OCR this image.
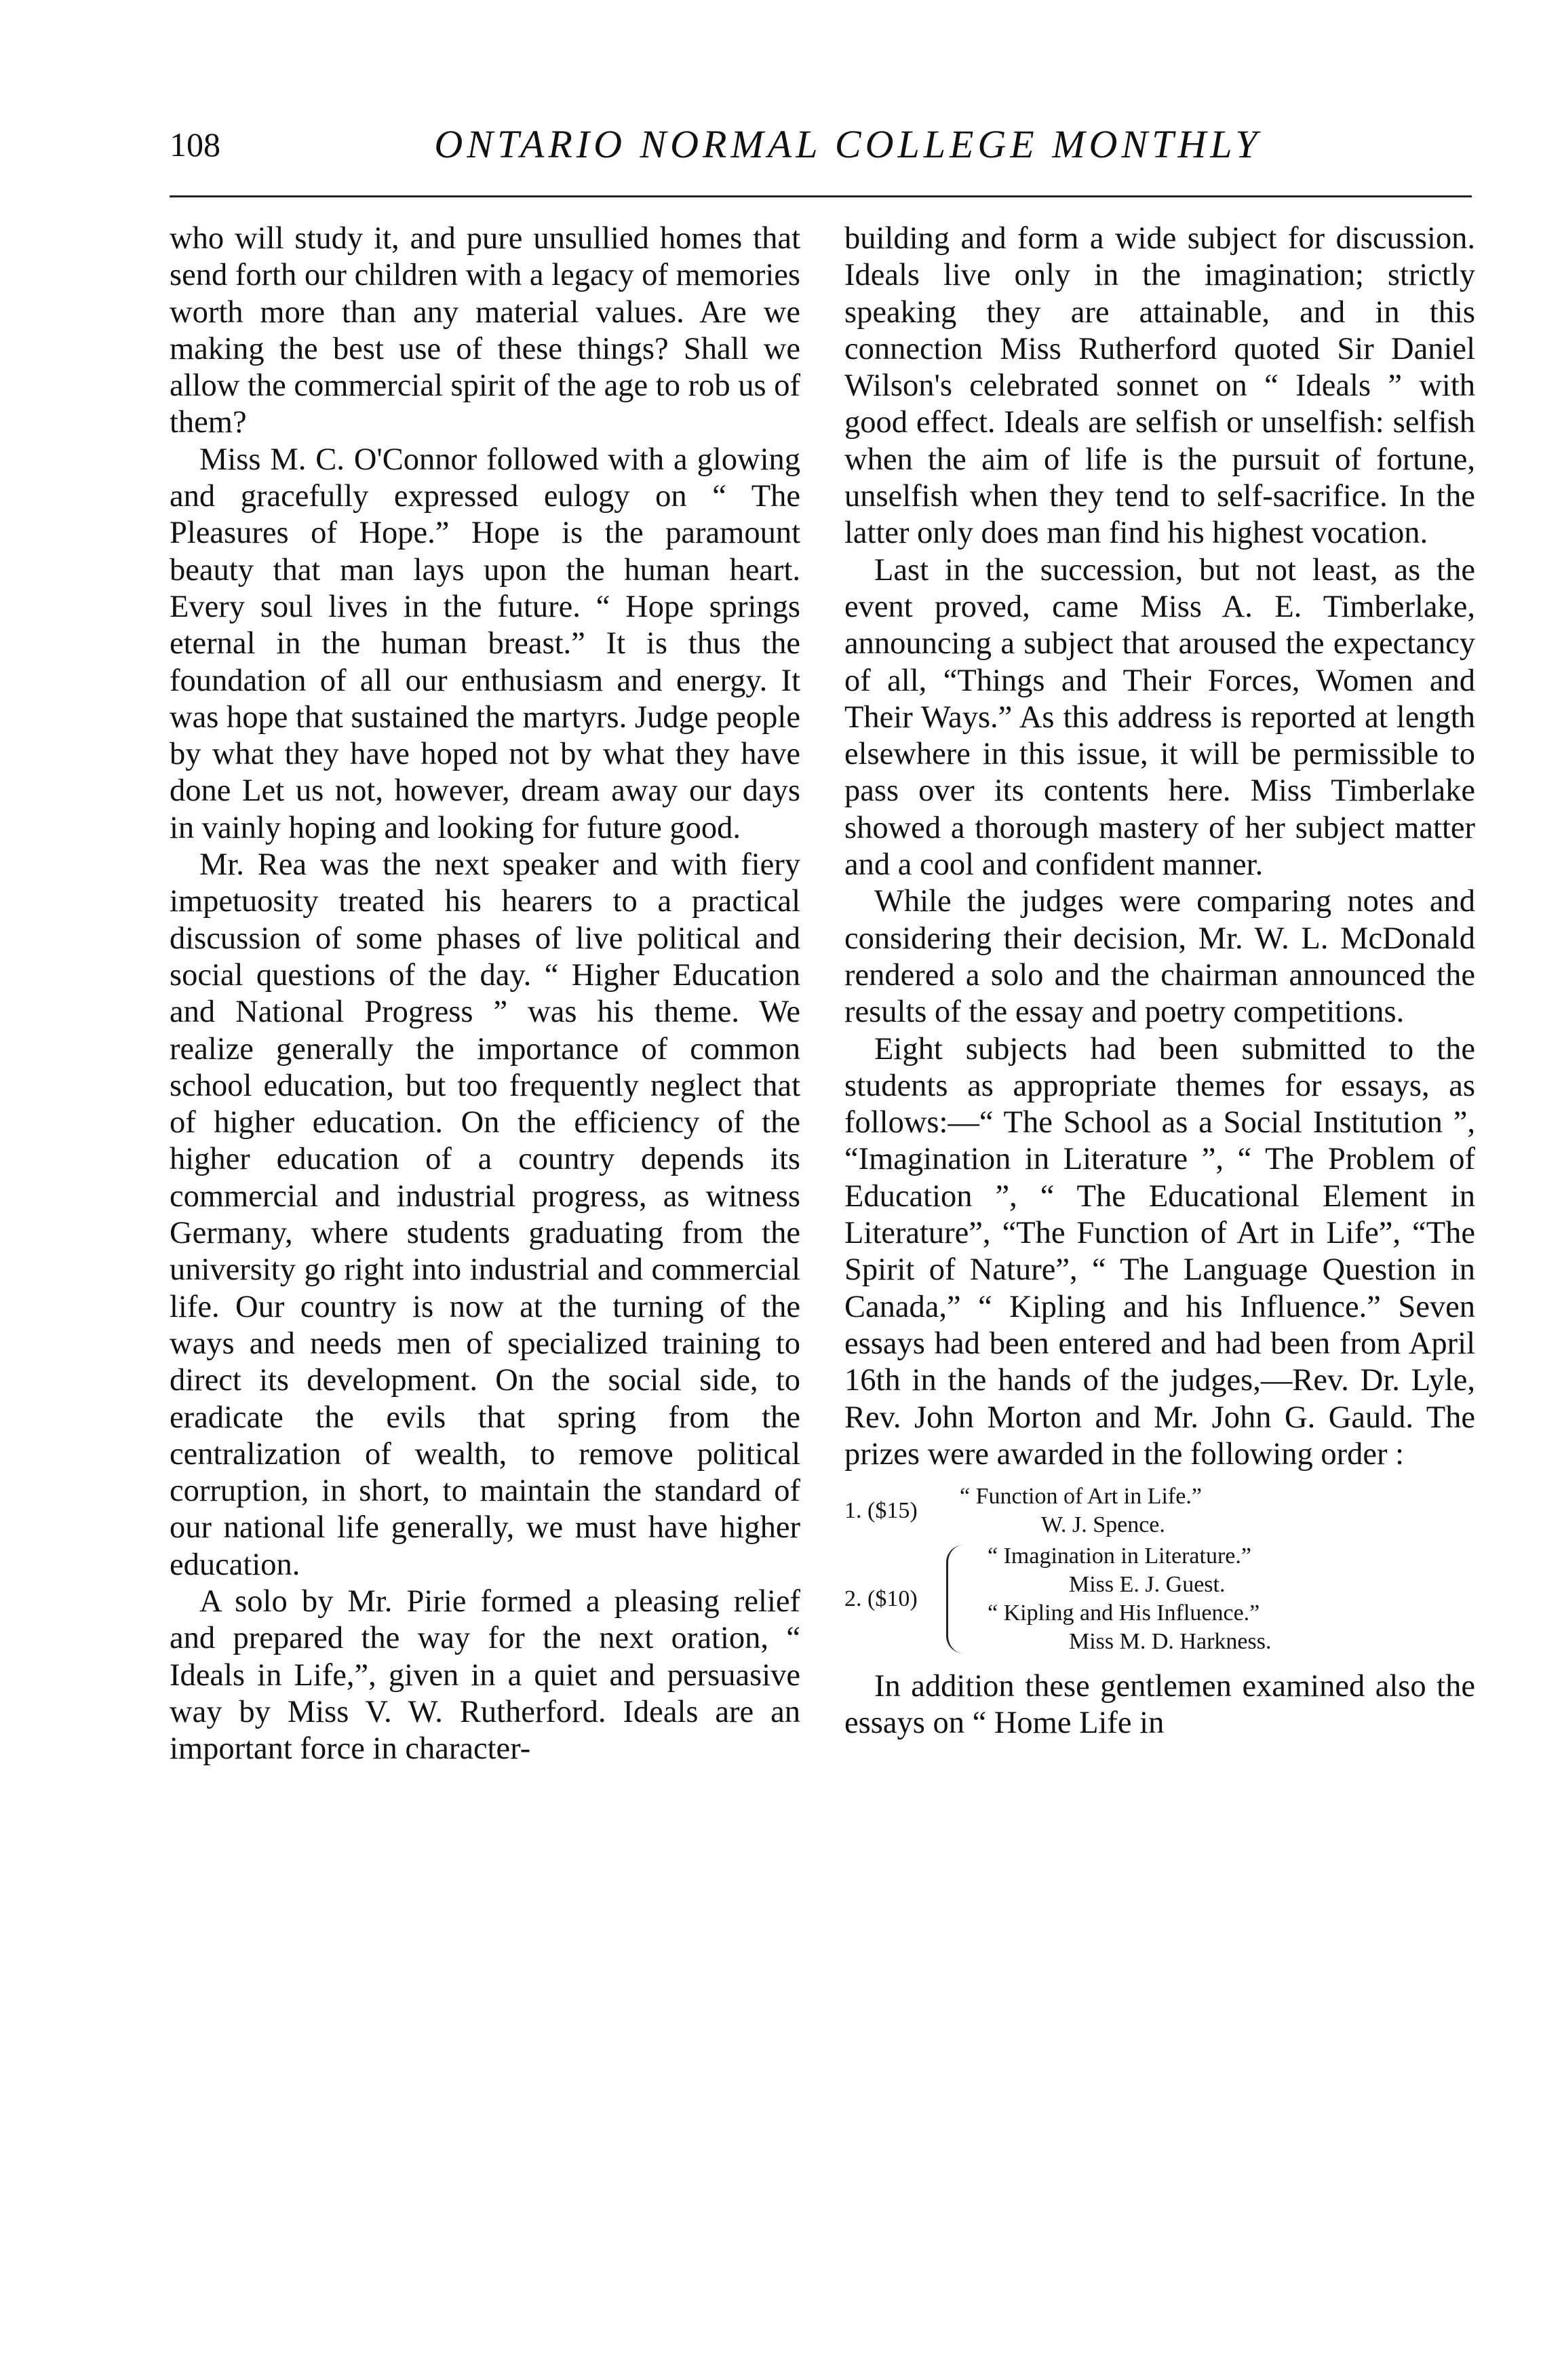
108	ONTARIO NORMAL COLLEGE MONTHLY

who will study it, and pure unsullied homes that send forth our children with a legacy of memories worth more than any material values. Are we making the best use of these things? Shall we allow the commercial spirit of the age to rob us of them?

Miss M. C. O'Connor followed with a glowing and gracefully expressed eulogy on “ The Pleasures of Hope.” Hope is the paramount beauty that man lays upon the human heart. Every soul lives in the future. “ Hope springs eternal in the human breast.” It is thus the foundation of all our enthusiasm and energy. It was hope that sustained the martyrs. Judge people by what they have hoped not by what they have done Let us not, however, dream away our days in vainly hoping and looking for future good.

Mr. Rea was the next speaker and with fiery impetuosity treated his hearers to a practical discussion of some phases of live political and social questions of the day. “ Higher Education and National Progress ” was his theme. We realize generally the importance of common school education, but too frequently neglect that of higher education. On the efficiency of the higher education of a country depends its commercial and industrial progress, as witness Germany, where students graduating from the university go right into industrial and commercial life. Our country is now at the turning of the ways and needs men of specialized training to direct its development. On the social side, to eradicate the evils that spring from the centralization of wealth, to remove political corruption, in short, to maintain the standard of our national life generally, we must have higher education.

A solo by Mr. Pirie formed a pleasing relief and prepared the way for the next oration, “ Ideals in Life,”, given in a quiet and persuasive way by Miss V. W. Rutherford. Ideals are an important force in character-

building and form a wide subject for discussion. Ideals live only in the imagination; strictly speaking they are attainable, and in this connection Miss Rutherford quoted Sir Daniel Wilson's celebrated sonnet on “ Ideals ” with good effect. Ideals are selfish or unselfish: selfish when the aim of life is the pursuit of fortune, unselfish when they tend to self-sacrifice. In the latter only does man find his highest vocation.

Last in the succession, but not least, as the event proved, came Miss A. E. Timberlake, announcing a subject that aroused the expectancy of all, “Things and Their Forces, Women and Their Ways.” As this address is reported at length elsewhere in this issue, it will be permissible to pass over its contents here. Miss Timberlake showed a thorough mastery of her subject matter and a cool and confident manner.

While the judges were comparing notes and considering their decision, Mr. W. L. McDonald rendered a solo and the chairman announced the results of the essay and poetry competitions.

Eight subjects had been submitted to the students as appropriate themes for essays, as follows:—“ The School as a Social Institution ”, “Imagination in Literature ”, “ The Problem of Education ”, “ The Educational Element in Literature”, “The Function of Art in Life”, “The Spirit of Nature”, “ The Language Question in Canada,” “ Kipling and his Influence.” Seven essays had been entered and had been from April 16th in the hands of the judges,—Rev. Dr. Lyle, Rev. John Morton and Mr. John G. Gauld. The prizes were awarded in the following order :

1. ($15)
“ Function of Art in Life.”
W. J. Spence.
2. ($10)
“ Imagination in Literature.”
Miss E. J. Guest.
“ Kipling and His Influence.”
Miss M. D. Harkness.

In addition these gentlemen examined also the essays on “ Home Life in
